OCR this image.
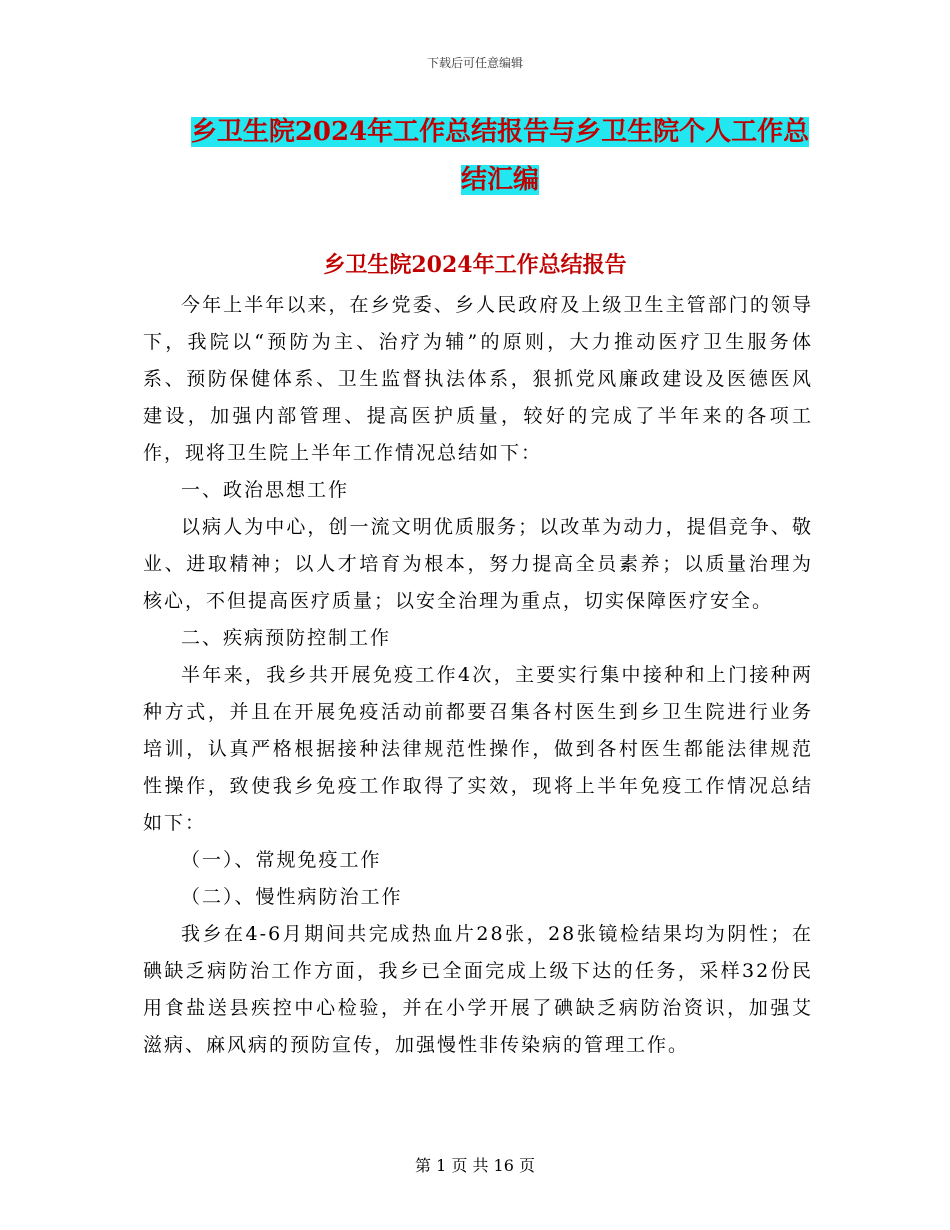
下载后可任意编辑
乡卫生院2024年工作总结报告与乡卫生院个人工作总
结汇编
乡卫生院2024年工作总结报告

今年上半年以来，在乡党委、乡人民政府及上级卫生主管部门的领导下，我院以“预防为主、治疗为辅”的原则，大力推动医疗卫生服务体系、预防保健体系、卫生监督执法体系，狠抓党风廉政建设及医德医风建设，加强内部管理、提高医护质量，较好的完成了半年来的各项工作，现将卫生院上半年工作情况总结如下：

一、政治思想工作

以病人为中心，创一流文明优质服务；以改革为动力，提倡竞争、敬业、进取精神；以人才培育为根本，努力提高全员素养；以质量治理为核心，不但提高医疗质量；以安全治理为重点，切实保障医疗安全。

二、疾病预防控制工作

半年来，我乡共开展免疫工作4次，主要实行集中接种和上门接种两种方式，并且在开展免疫活动前都要召集各村医生到乡卫生院进行业务培训，认真严格根据接种法律规范性操作，做到各村医生都能法律规范性操作，致使我乡免疫工作取得了实效，现将上半年免疫工作情况总结如下：

（一）、常规免疫工作

（二）、慢性病防治工作

我乡在4-6月期间共完成热血片28张，28张镜检结果均为阴性；在碘缺乏病防治工作方面，我乡已全面完成上级下达的任务，采样32份民用食盐送县疾控中心检验，并在小学开展了碘缺乏病防治资识，加强艾滋病、麻风病的预防宣传，加强慢性非传染病的管理工作。

第 1 页 共 16 页
